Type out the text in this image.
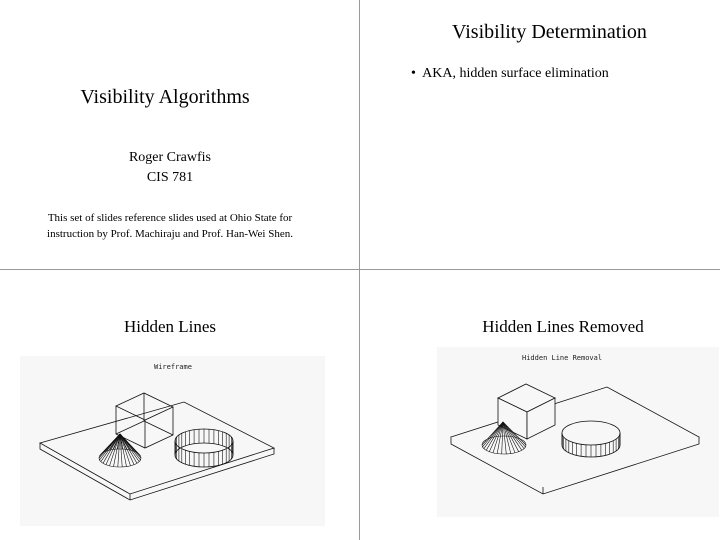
Visibility Algorithms
Roger Crawfis
CIS 781
This set of slides reference slides used at Ohio State for
instruction by Prof. Machiraju and Prof. Han-Wei Shen.
Visibility Determination
• AKA, hidden surface elimination
Hidden Lines
Wireframe
Hidden Lines Removed
Hidden Line Removal
